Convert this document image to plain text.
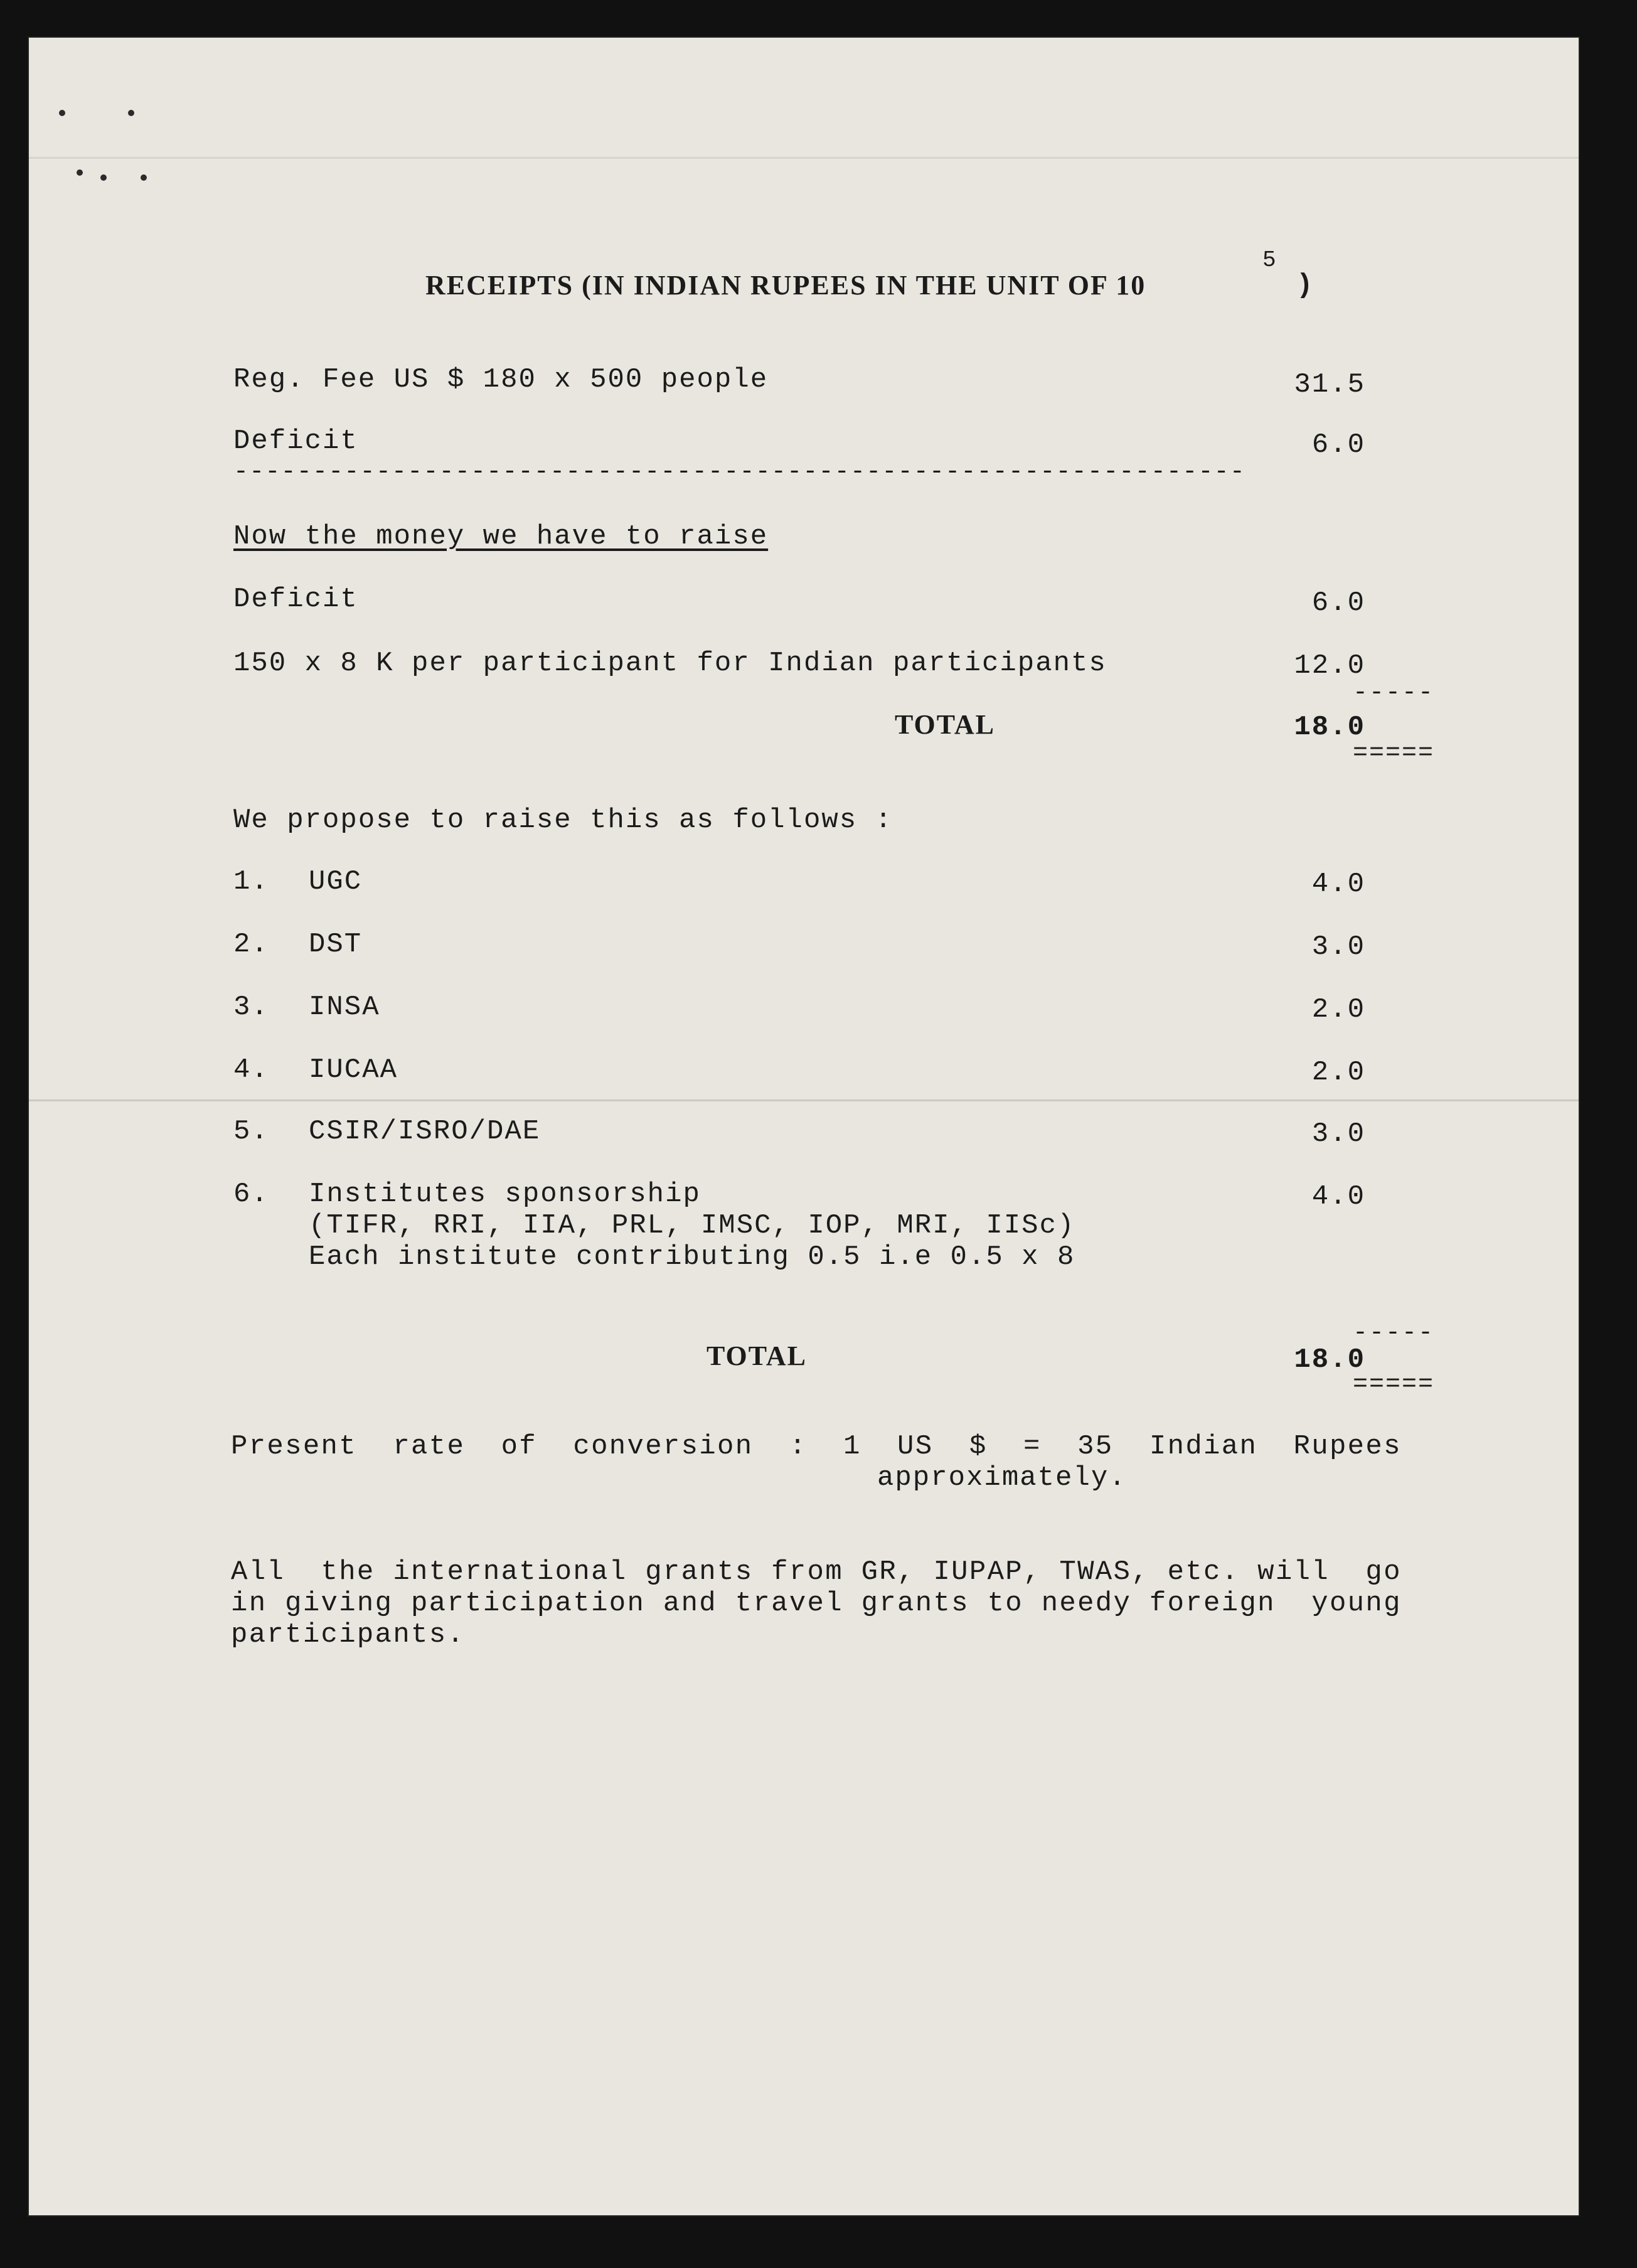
RECEIPTS (IN INDIAN RUPEES IN THE UNIT OF 10
5
)
Reg. Fee US $ 180 x 500 people	31.5
Deficit	6.0
----------------------------------------------------------------
Now the money we have to raise
Deficit	6.0
150 x 8 K per participant for Indian participants	12.0
-----
TOTAL	18.0
=====
We propose to raise this as follows :
1. UGC	4.0
2. DST	3.0
3. INSA	2.0
4. IUCAA	2.0
5. CSIR/ISRO/DAE	3.0
6. Institutes sponsorship	4.0
(TIFR, RRI, IIA, PRL, IMSC, IOP, MRI, IISc)
Each institute contributing 0.5 i.e 0.5 x 8
-----
TOTAL	18.0
=====
Present  rate  of  conversion  :  1  US  $  =  35  Indian  Rupees
approximately.
All  the international grants from GR, IUPAP, TWAS, etc. will  go
in giving participation and travel grants to needy foreign  young
participants.
